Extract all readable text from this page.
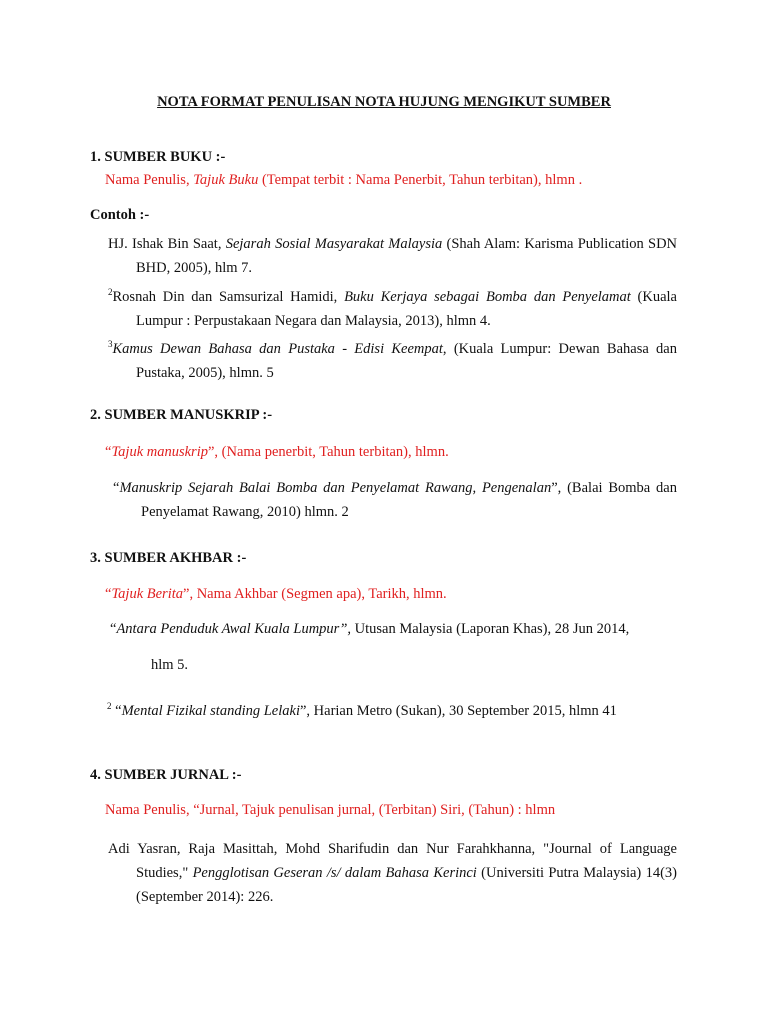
NOTA FORMAT PENULISAN NOTA HUJUNG MENGIKUT SUMBER
1. SUMBER BUKU :-
Nama Penulis, Tajuk Buku (Tempat terbit : Nama Penerbit, Tahun terbitan), hlmn .
Contoh :-
HJ. Ishak Bin Saat, Sejarah Sosial Masyarakat Malaysia (Shah Alam: Karisma Publication SDN BHD, 2005), hlm 7.
$^2$Rosnah Din dan Samsurizal Hamidi, Buku Kerjaya sebagai Bomba dan Penyelamat (Kuala Lumpur : Perpustakaan Negara dan Malaysia, 2013), hlmn 4.
$^3$Kamus Dewan Bahasa dan Pustaka - Edisi Keempat, (Kuala Lumpur: Dewan Bahasa dan Pustaka, 2005), hlmn. 5
2. SUMBER MANUSKRIP :-
“Tajuk manuskrip”, (Nama penerbit, Tahun terbitan), hlmn.
“Manuskrip Sejarah Balai Bomba dan Penyelamat Rawang, Pengenalan”, (Balai Bomba dan Penyelamat Rawang, 2010) hlmn. 2
3. SUMBER AKHBAR :-
“Tajuk Berita”, Nama Akhbar (Segmen apa), Tarikh, hlmn.
“Antara Penduduk Awal Kuala Lumpur”, Utusan Malaysia (Laporan Khas), 28 Jun 2014,
hlm 5.
$^2$ “Mental Fizikal standing Lelaki”, Harian Metro (Sukan), 30 September 2015, hlmn 41
4. SUMBER JURNAL :-
Nama Penulis, “Jurnal, Tajuk penulisan jurnal, (Terbitan) Siri, (Tahun) : hlmn
Adi Yasran, Raja Masittah, Mohd Sharifudin dan Nur Farahkhanna, "Journal of Language Studies," Pengglotisan Geseran /s/ dalam Bahasa Kerinci (Universiti Putra Malaysia) 14(3) (September 2014): 226.
